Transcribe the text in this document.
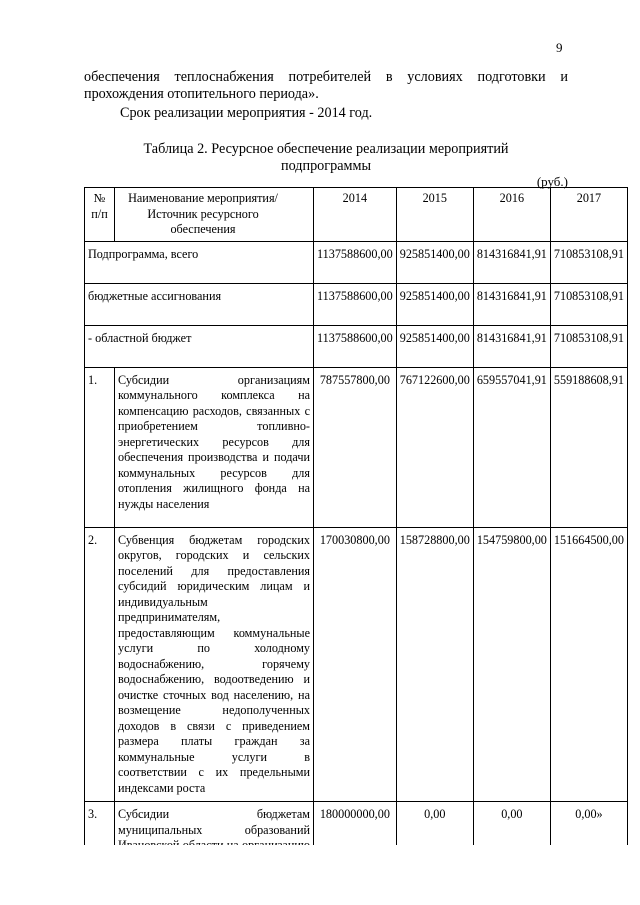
9
обеспечения теплоснабжения потребителей в условиях подготовки и
прохождения отопительного периода».
Срок реализации мероприятия - 2014 год.
Таблица 2. Ресурсное обеспечение реализации мероприятий
подпрограммы
(руб.)
№ п/п	Наименование мероприятия/Источник ресурсного обеспечения	2014	2015	2016	2017
Подпрограмма, всего		1137588600,00	925851400,00	814316841,91	710853108,91
бюджетные ассигнования		1137588600,00	925851400,00	814316841,91	710853108,91
- областной бюджет		1137588600,00	925851400,00	814316841,91	710853108,91
1.	Субсидии организациям коммунального комплекса на компенсацию расходов, связанных с приобретением топливно-энергетических ресурсов для обеспечения производства и подачи коммунальных ресурсов для отопления жилищного фонда на нужды населения	787557800,00	767122600,00	659557041,91	559188608,91
2.	Субвенция бюджетам городских округов, городских и сельских поселений для предоставления субсидий юридическим лицам и индивидуальным предпринимателям, предоставляющим коммунальные услуги по холодному водоснабжению, горячему водоснабжению, водоотведению и очистке сточных вод населению, на возмещение недополученных доходов в связи с приведением размера платы граждан за коммунальные услуги в соответствии с их предельными индексами роста	170030800,00	158728800,00	154759800,00	151664500,00
3.	Субсидии бюджетам муниципальных образований	180000000,00	0,00	0,00	0,00»
